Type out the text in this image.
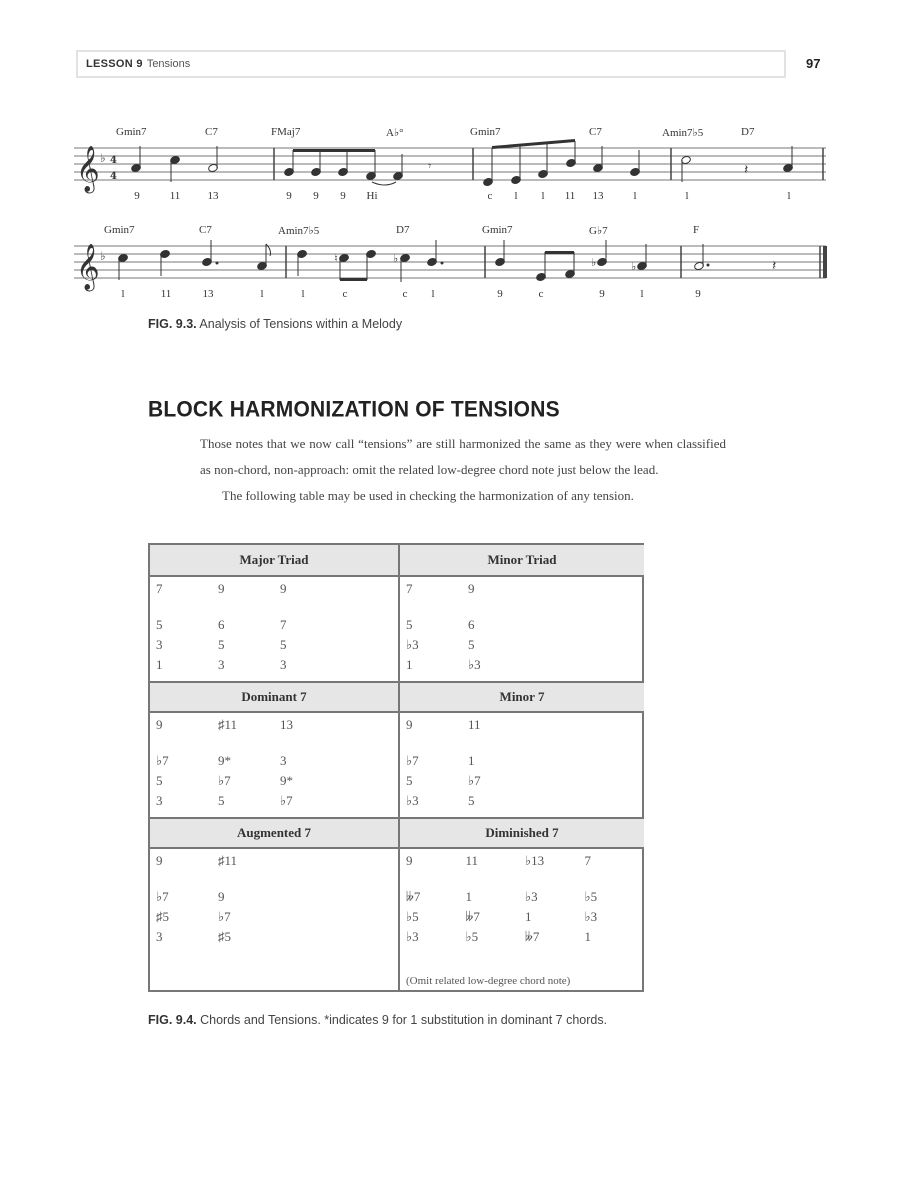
LESSON 9 Tensions	97
𝄞
𝄞
♭
♭
4
4
𝄾	𝄽
♮	♭	♭	♭	𝄽
Gmin7	C7	FMaj7	A♭°	Gmin7	C7	Amin7♭5	D7
9	11	13	9	9	9	Hi	c	l	l	11	13	l	l	l
Gmin7	C7	Amin7♭5	D7	Gmin7	G♭7	F
l	11	13	l	l	c	c	l	9	c	9	l	9
FIG. 9.3. Analysis of Tensions within a Melody
BLOCK HARMONIZATION OF TENSIONS

Those notes that we now call “tensions” are still harmonized the same as they were when classified as non-chord, non-approach: omit the related low-degree chord note just below the lead.

The following table may be used in checking the harmonization of any tension.

Major Triad
7	9	9
5	6	7
3	5	5
1	3	3
Minor Triad
7	9
5	6
♭3	5
1	♭3
Dominant 7
9	♯11	13
♭7	9*	3
5	♭7	9*
3	5	♭7
Minor 7
9	11
♭7	1
5	♭7
♭3	5
Augmented 7
9	♯11
♭7	9
♯5	♭7
3	♯5
Diminished 7
9	11	♭13	7
𝄫7	1	♭3	♭5
♭5	𝄫7	1	♭3
♭3	♭5	𝄫7	1
(Omit related low-degree chord note)
FIG. 9.4. Chords and Tensions. *indicates 9 for 1 substitution in dominant 7 chords.
